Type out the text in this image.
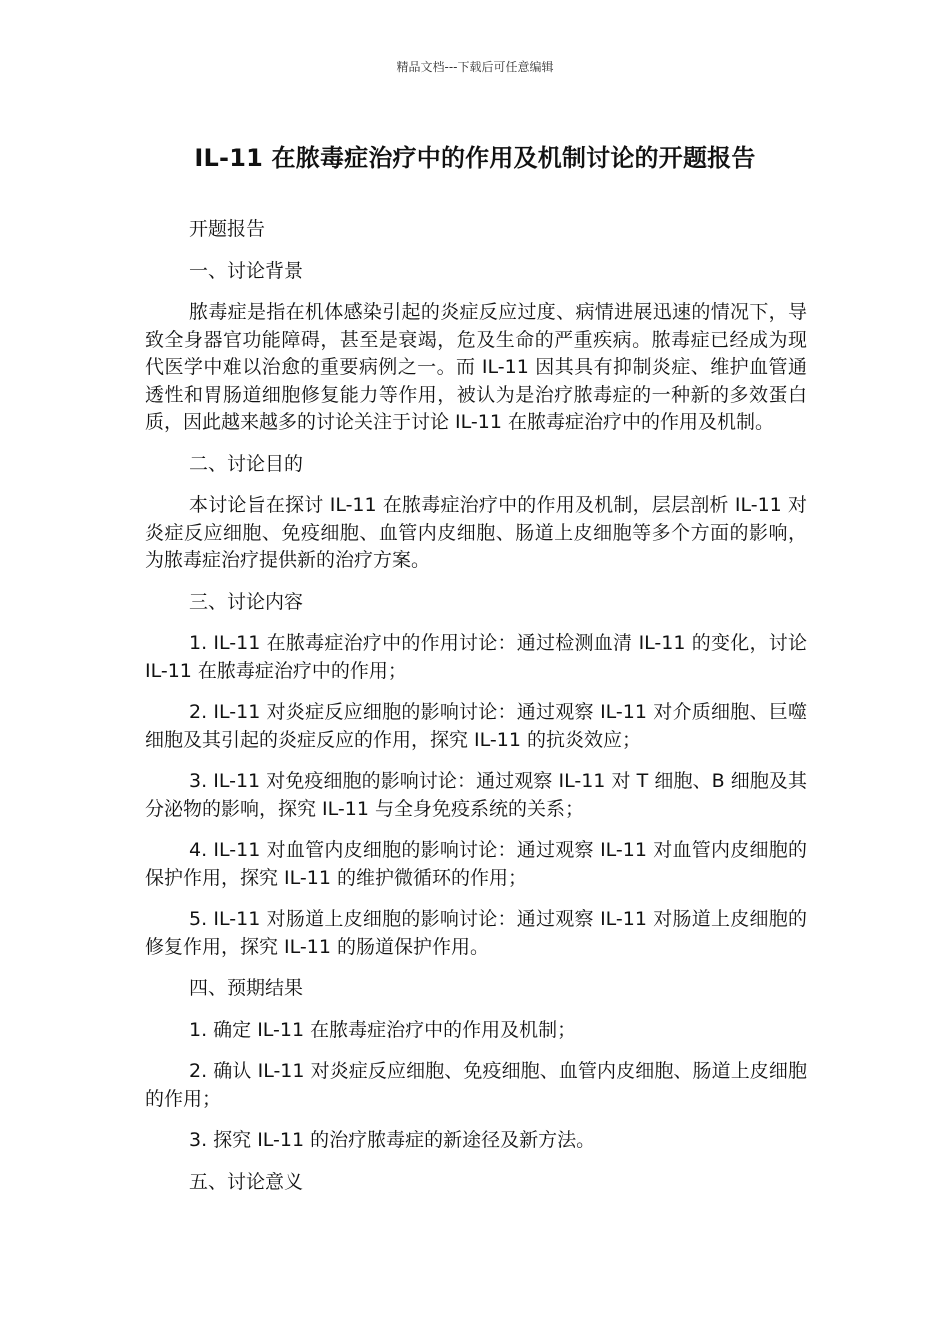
精品文档---下载后可任意编辑
IL-11 在脓毒症治疗中的作用及机制讨论的开题报告
开题报告
一、讨论背景
脓毒症是指在机体感染引起的炎症反应过度、病情进展迅速的情况下，导致全身器官功能障碍，甚至是衰竭，危及生命的严重疾病。脓毒症已经成为现代医学中难以治愈的重要病例之一。而 IL-11 因其具有抑制炎症、维护血管通透性和胃肠道细胞修复能力等作用，被认为是治疗脓毒症的一种新的多效蛋白质，因此越来越多的讨论关注于讨论 IL-11 在脓毒症治疗中的作用及机制。
二、讨论目的
本讨论旨在探讨 IL-11 在脓毒症治疗中的作用及机制，层层剖析 IL-11 对炎症反应细胞、免疫细胞、血管内皮细胞、肠道上皮细胞等多个方面的影响，为脓毒症治疗提供新的治疗方案。
三、讨论内容
1. IL-11 在脓毒症治疗中的作用讨论：通过检测血清 IL-11 的变化，讨论 IL-11 在脓毒症治疗中的作用；
2. IL-11 对炎症反应细胞的影响讨论：通过观察 IL-11 对介质细胞、巨噬细胞及其引起的炎症反应的作用，探究 IL-11 的抗炎效应；
3. IL-11 对免疫细胞的影响讨论：通过观察 IL-11 对 T 细胞、B 细胞及其分泌物的影响，探究 IL-11 与全身免疫系统的关系；
4. IL-11 对血管内皮细胞的影响讨论：通过观察 IL-11 对血管内皮细胞的保护作用，探究 IL-11 的维护微循环的作用；
5. IL-11 对肠道上皮细胞的影响讨论：通过观察 IL-11 对肠道上皮细胞的修复作用，探究 IL-11 的肠道保护作用。
四、预期结果
1. 确定 IL-11 在脓毒症治疗中的作用及机制；
2. 确认 IL-11 对炎症反应细胞、免疫细胞、血管内皮细胞、肠道上皮细胞的作用；
3. 探究 IL-11 的治疗脓毒症的新途径及新方法。
五、讨论意义
